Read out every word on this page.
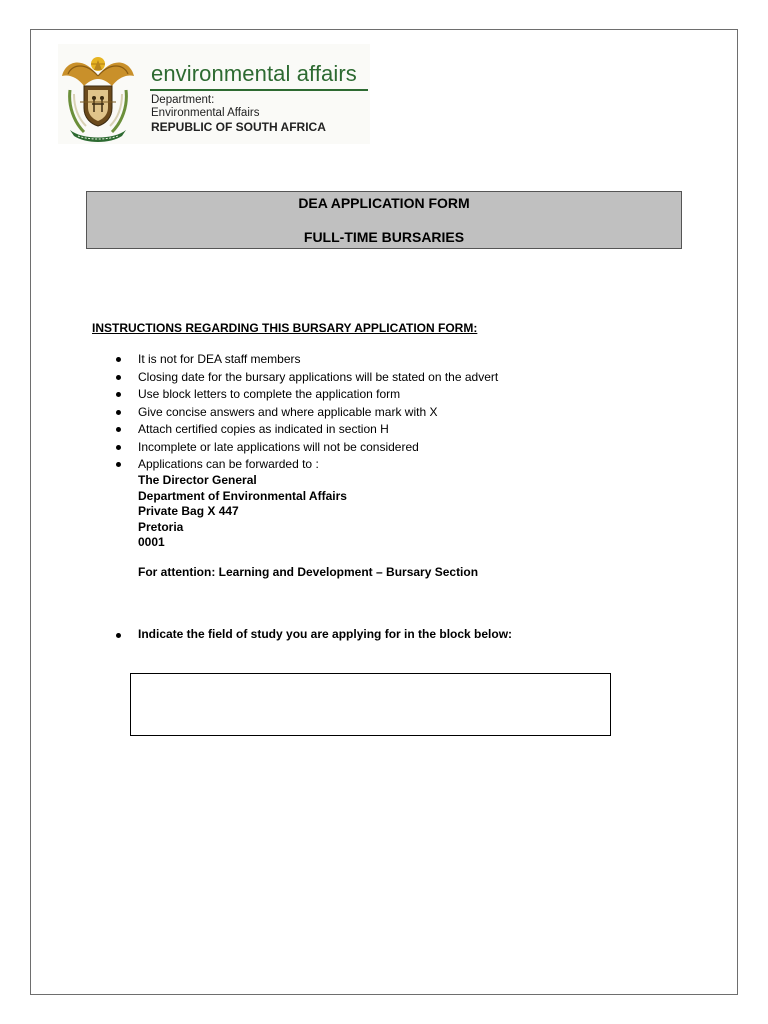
environmental affairs
Department:
Environmental Affairs
REPUBLIC OF SOUTH AFRICA
DEA APPLICATION FORM
FULL-TIME BURSARIES
INSTRUCTIONS REGARDING THIS BURSARY APPLICATION FORM:
It is not for DEA staff members
Closing date for the bursary applications will be stated on the advert
Use block letters to complete the application form
Give concise answers and where applicable mark with X
Attach certified copies as indicated in section H
Incomplete or late applications will not be considered
Applications can be forwarded to :
The Director General
Department of Environmental Affairs
Private Bag X 447
Pretoria
0001
For attention: Learning and Development – Bursary Section
Indicate the field of study you are applying for in the block below:
